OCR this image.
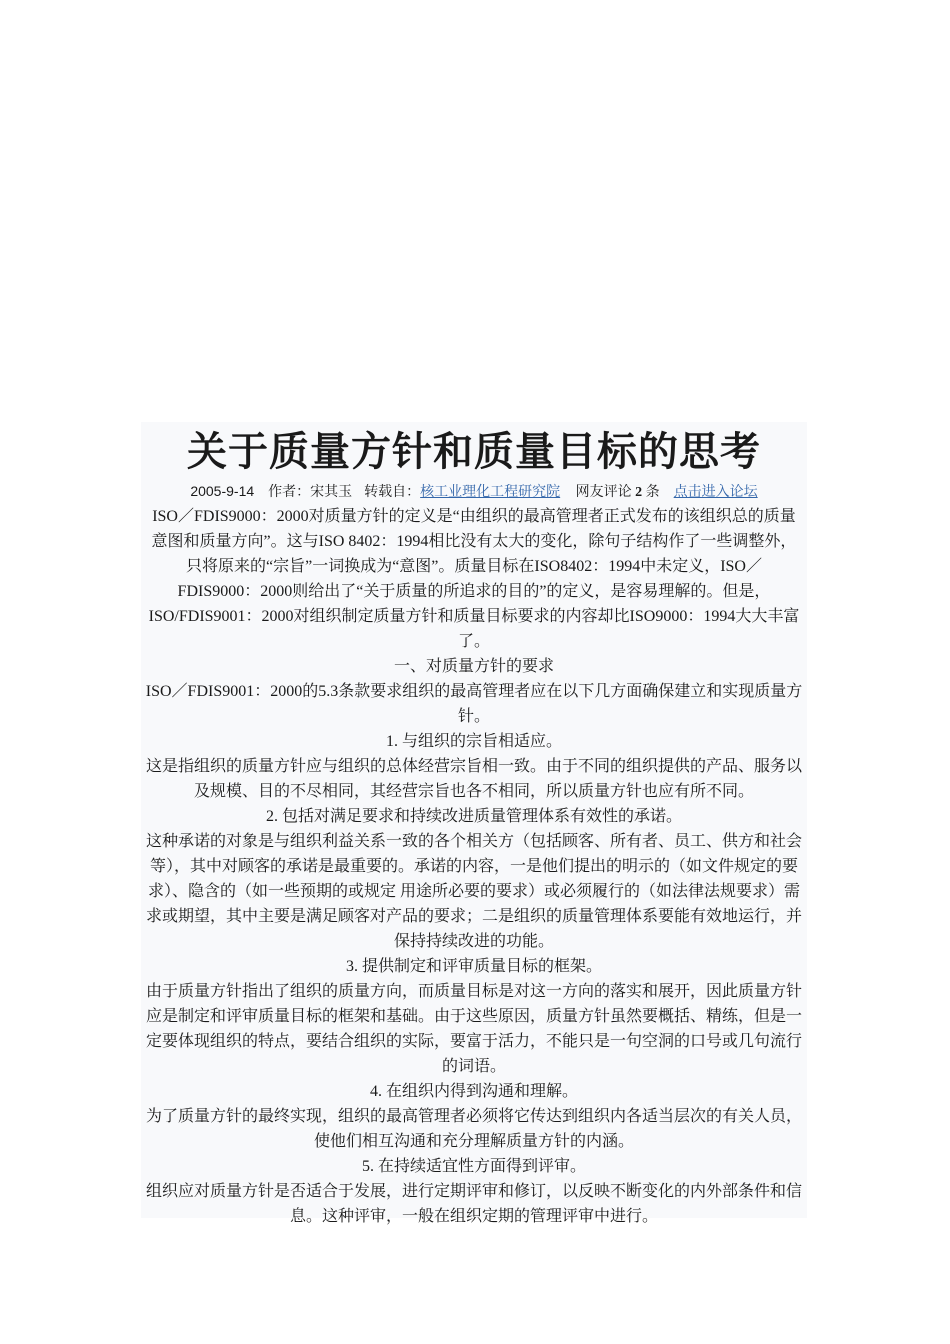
关于质量方针和质量目标的思考
2005-9-14 作者：宋其玉 转载自：核工业理化工程研究院 网友评论 2 条 点击进入论坛

ISO／FDIS9000：2000对质量方针的定义是“由组织的最高管理者正式发布的该组织总的质量意图和质量方向”。这与ISO 8402：1994相比没有太大的变化，除句子结构作了一些调整外，只将原来的“宗旨”一词换成为“意图”。质量目标在ISO8402：1994中未定义，ISO／FDIS9000：2000则给出了“关于质量的所追求的目的”的定义，是容易理解的。但是，ISO/FDIS9001：2000对组织制定质量方针和质量目标要求的内容却比ISO9000：1994大大丰富了。

一、对质量方针的要求

ISO／FDIS9001：2000的5.3条款要求组织的最高管理者应在以下几方面确保建立和实现质量方针。

1. 与组织的宗旨相适应。

这是指组织的质量方针应与组织的总体经营宗旨相一致。由于不同的组织提供的产品、服务以及规模、目的不尽相同，其经营宗旨也各不相同，所以质量方针也应有所不同。

2. 包括对满足要求和持续改进质量管理体系有效性的承诺。

这种承诺的对象是与组织利益关系一致的各个相关方（包括顾客、所有者、员工、供方和社会等），其中对顾客的承诺是最重要的。承诺的内容，一是他们提出的明示的（如文件规定的要求）、隐含的（如一些预期的或规定 用途所必要的要求）或必须履行的（如法律法规要求）需求或期望，其中主要是满足顾客对产品的要求；二是组织的质量管理体系要能有效地运行，并保持持续改进的功能。

3. 提供制定和评审质量目标的框架。

由于质量方针指出了组织的质量方向，而质量目标是对这一方向的落实和展开，因此质量方针应是制定和评审质量目标的框架和基础。由于这些原因，质量方针虽然要概括、精练，但是一定要体现组织的特点，要结合组织的实际，要富于活力，不能只是一句空洞的口号或几句流行的词语。

4. 在组织内得到沟通和理解。

为了质量方针的最终实现，组织的最高管理者必须将它传达到组织内各适当层次的有关人员，使他们相互沟通和充分理解质量方针的内涵。

5. 在持续适宜性方面得到评审。

组织应对质量方针是否适合于发展，进行定期评审和修订，以反映不断变化的内外部条件和信息。这种评审，一般在组织定期的管理评审中进行。
